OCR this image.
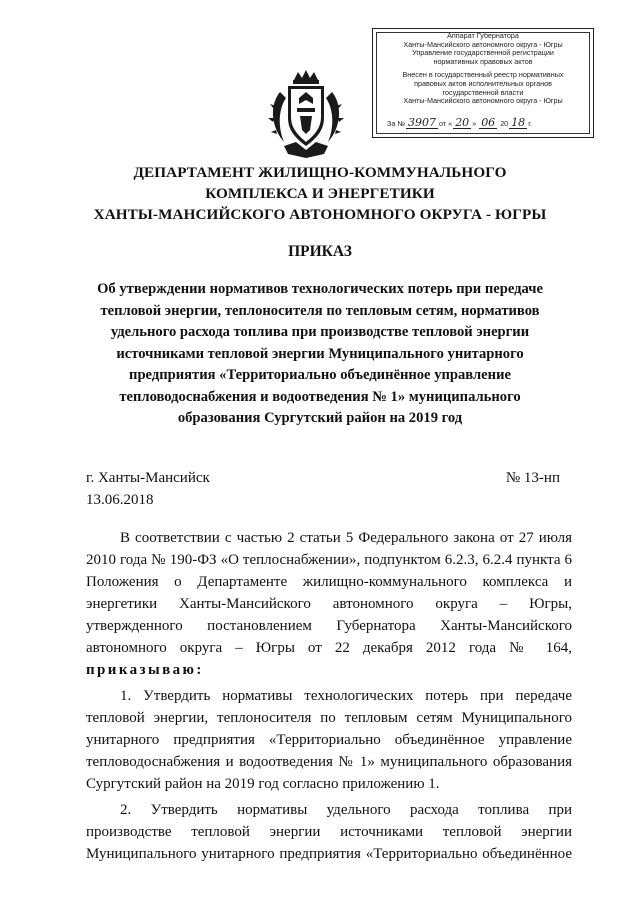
Аппарат Губернатора
Ханты-Мансийского автономного округа - Югры
Управление государственной регистрации
нормативных правовых актов
Внесен в государственный реестр нормативных
правовых актов исполнительных органов
государственной власти
Ханты-Мансийского автономного округа - Югры
За № 3907 от « 20 » 06 20 18 г.
ДЕПАРТАМЕНТ ЖИЛИЩНО-КОММУНАЛЬНОГО
КОМПЛЕКСА И ЭНЕРГЕТИКИ
ХАНТЫ-МАНСИЙСКОГО АВТОНОМНОГО ОКРУГА - ЮГРЫ
ПРИКАЗ
Об утверждении нормативов технологических потерь при передаче
тепловой энергии, теплоносителя по тепловым сетям, нормативов
удельного расхода топлива при производстве тепловой энергии
источниками тепловой энергии Муниципального унитарного
предприятия «Территориально объединённое управление
тепловодоснабжения и водоотведения № 1» муниципального
образования Сургутский район на 2019 год
г. Ханты-Мансийск
13.06.2018
№ 13-нп
В соответствии с частью 2 статьи 5 Федерального закона от 27 июля
2010 года № 190-ФЗ «О теплоснабжении», подпунктом 6.2.3, 6.2.4 пункта 6
Положения о Департаменте жилищно-коммунального комплекса и
энергетики Ханты-Мансийского автономного округа – Югры,
утвержденного постановлением Губернатора Ханты-Мансийского
автономного округа – Югры от 22 декабря 2012 года № 164,
приказываю:
1. Утвердить нормативы технологических потерь при передаче
тепловой энергии, теплоносителя по тепловым сетям Муниципального
унитарного предприятия «Территориально объединённое управление
тепловодоснабжения и водоотведения № 1» муниципального образования
Сургутский район на 2019 год согласно приложению 1.
2. Утвердить нормативы удельного расхода топлива при
производстве тепловой энергии источниками тепловой энергии
Муниципального унитарного предприятия «Территориально объединённое
